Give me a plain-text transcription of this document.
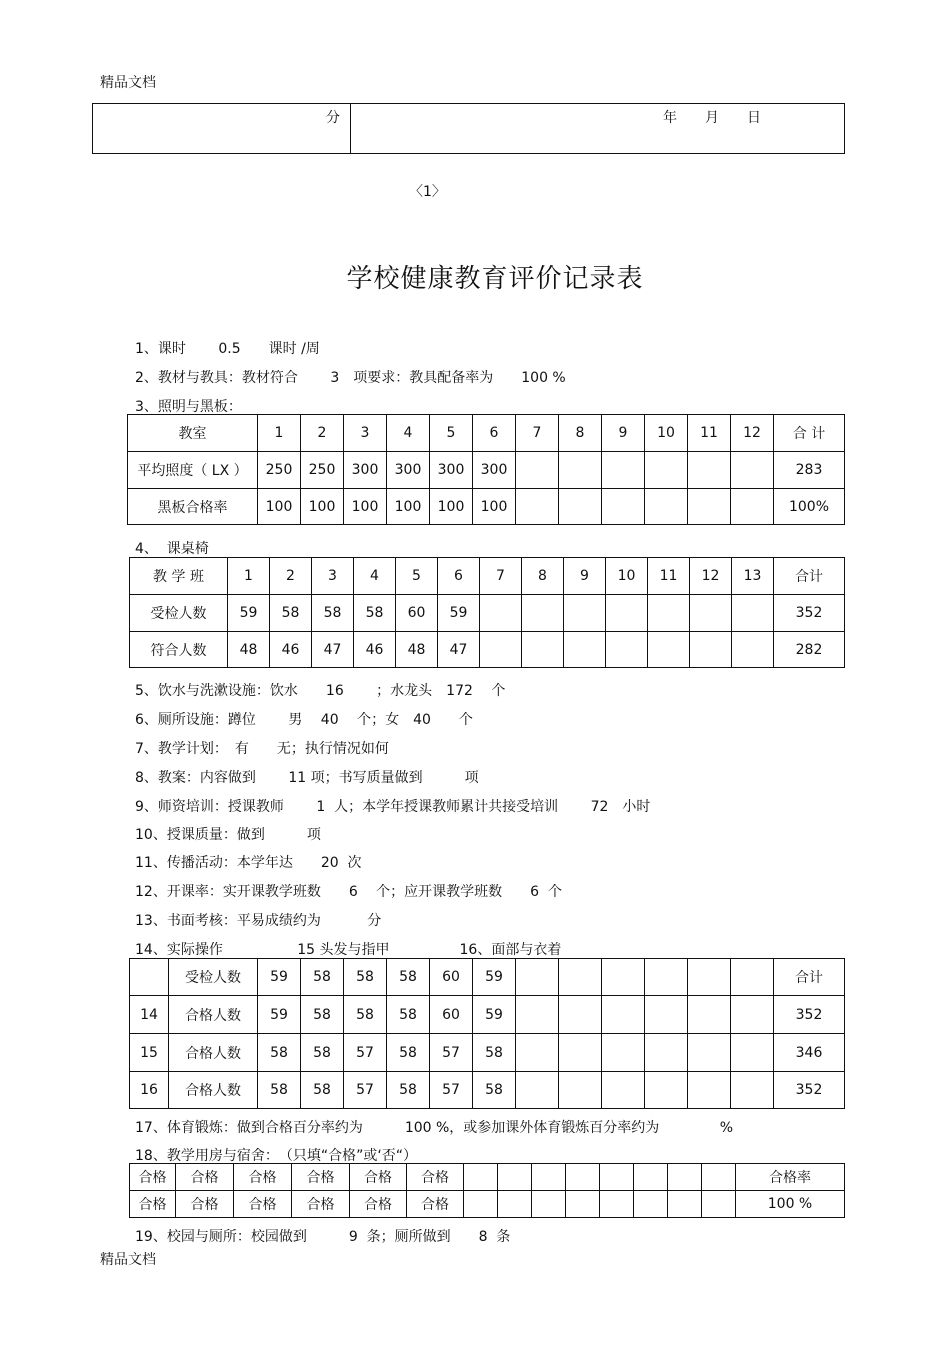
精品文档
分	年　　月　　日
〈1〉
学校健康教育评价记录表
1、课时　　 0.5　　课时 /周
2、教材与教具：教材符合　　 3　项要求：教具配备率为　　100 %
3、照明与黑板：
教室	1	2	3	4	5	6	7	8	9	10	11	12	合 计
平均照度（ LX ）	250	250	300	300	300	300							283
黑板合格率	100	100	100	100	100	100							100%
4、  课桌椅
教 学 班	1	2	3	4	5	6	7	8	9	10	11	12	13	合计
受检人数	59	58	58	58	60	59								352
符合人数	48	46	47	46	48	47								282
5、饮水与洗漱设施：饮水　　16　　 ；水龙头　172　 个
6、厕所设施：蹲位　　 男　 40　 个；女　40　　个
7、教学计划：　有　　无；执行情况如何
8、教案：内容做到　　 11 项；书写质量做到　　　项
9、师资培训：授课教师　　 1  人；本学年授课教师累计共接受培训　　 72　小时
10、授课质量：做到　　　项
11、传播活动：本学年达　　20  次
12、开课率：实开课教学班数　　6　 个；应开课教学班数　　6  个
13、书面考核：平易成绩约为　　　 分
14、实际操作　　　　　 15 头发与指甲　　　　　16、面部与衣着
	受检人数	59	58	58	58	60	59							合计
14	合格人数	59	58	58	58	60	59							352
15	合格人数	58	58	57	58	57	58							346
16	合格人数	58	58	57	58	57	58							352
17、体育锻炼：做到合格百分率约为　　　100 %，或参加课外体育锻炼百分率约为　　　　 %
18、教学用房与宿舍：　（只填“合格”或‘否“）
合格	合格	合格	合格	合格	合格									合格率
合格	合格	合格	合格	合格	合格									100 %
19、校园与厕所：校园做到　　　9  条；厕所做到　　8  条
精品文档
